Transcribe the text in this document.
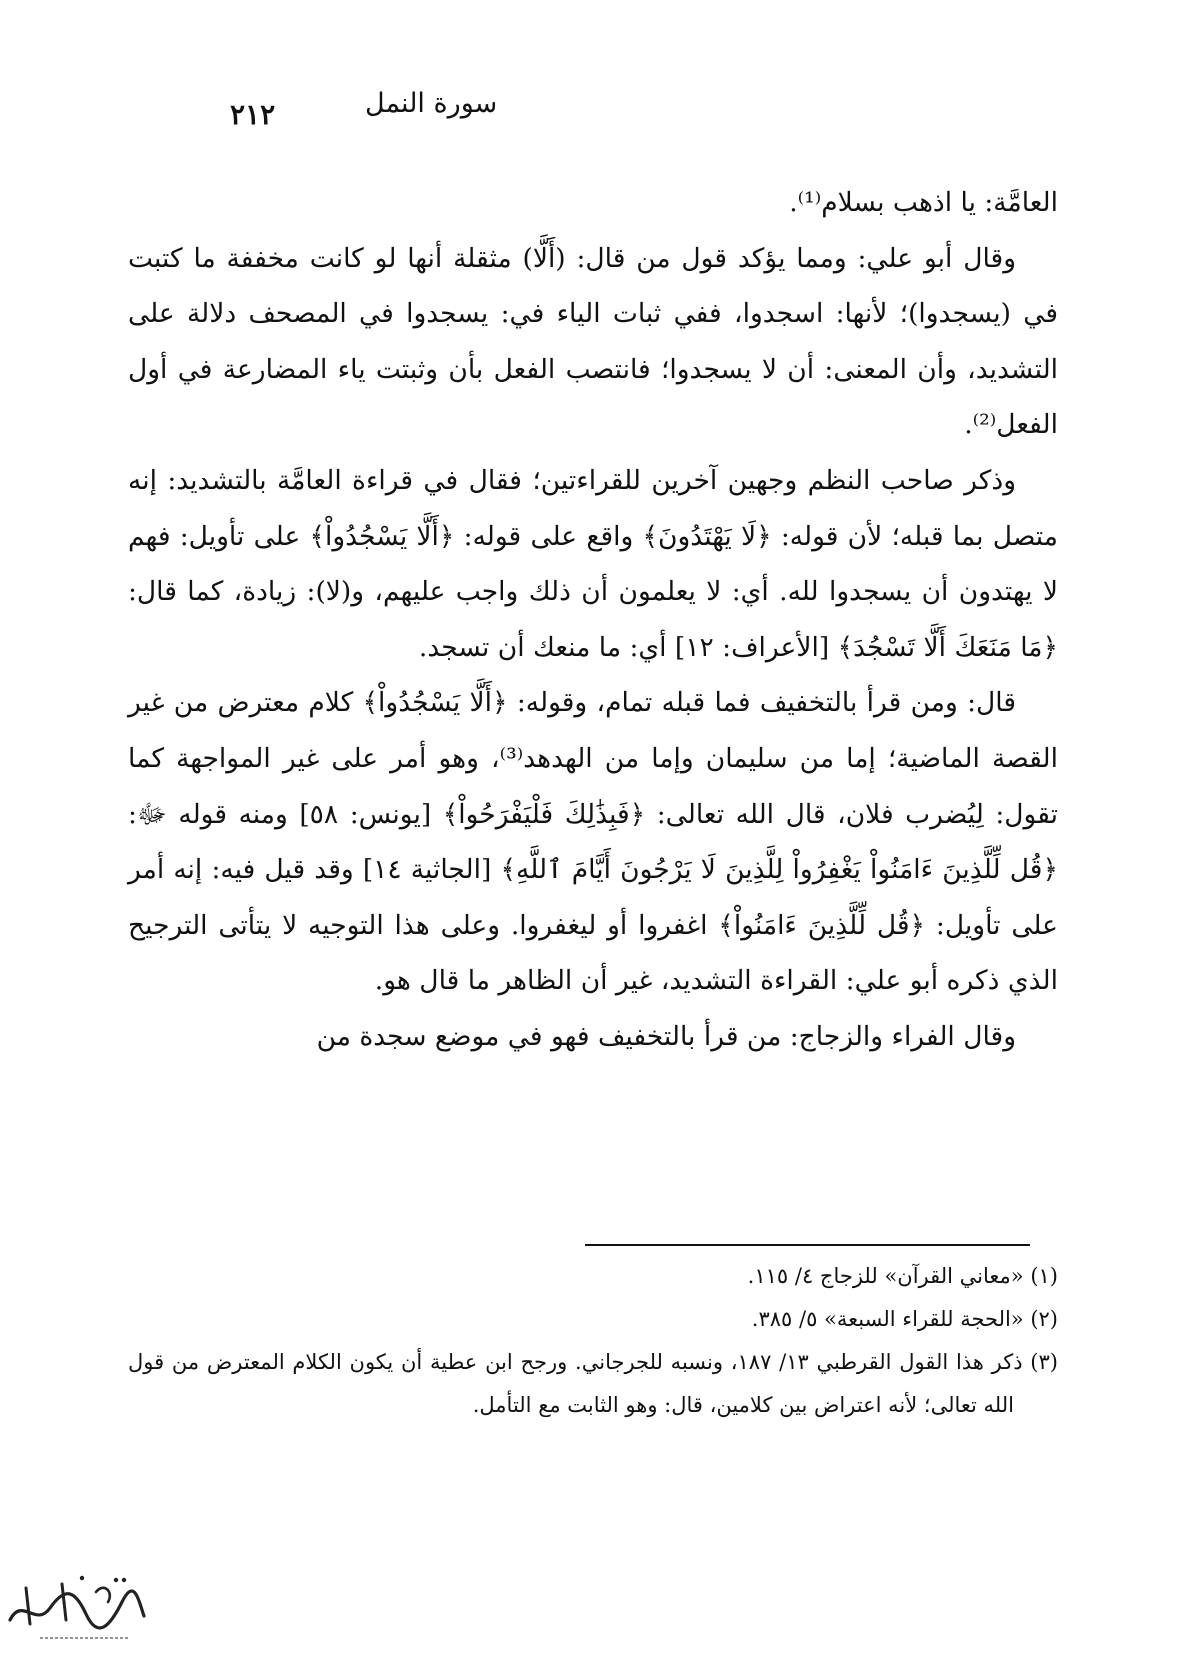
٢١٢	سورة النمل

العامَّة: يا اذهب بسلام⁽¹⁾.

وقال أبو علي: ومما يؤكد قول من قال: (أَلَّا) مثقلة أنها لو كانت مخففة ما كتبت في (يسجدوا)؛ لأنها: اسجدوا، ففي ثبات الياء في: يسجدوا في المصحف دلالة على التشديد، وأن المعنى: أن لا يسجدوا؛ فانتصب الفعل بأن وثبتت ياء المضارعة في أول الفعل⁽²⁾.

وذكر صاحب النظم وجهين آخرين للقراءتين؛ فقال في قراءة العامَّة بالتشديد: إنه متصل بما قبله؛ لأن قوله: ﴿لَا يَهْتَدُونَ﴾ واقع على قوله: ﴿أَلَّا يَسْجُدُواْ﴾ على تأويل: فهم لا يهتدون أن يسجدوا لله. أي: لا يعلمون أن ذلك واجب عليهم، و(لا): زيادة، كما قال: ﴿مَا مَنَعَكَ أَلَّا تَسْجُدَ﴾ [الأعراف: ١٢] أي: ما منعك أن تسجد.

قال: ومن قرأ بالتخفيف فما قبله تمام، وقوله: ﴿أَلَّا يَسْجُدُواْ﴾ كلام معترض من غير القصة الماضية؛ إما من سليمان وإما من الهدهد⁽³⁾، وهو أمر على غير المواجهة كما تقول: لِيُضرب فلان، قال الله تعالى: ﴿فَبِذَٰلِكَ فَلْيَفْرَحُواْ﴾ [يونس: ٥٨] ومنه قوله ﷻ: ﴿قُل لِّلَّذِينَ ءَامَنُواْ يَغْفِرُواْ لِلَّذِينَ لَا يَرْجُونَ أَيَّامَ ٱللَّهِ﴾ [الجاثية ١٤] وقد قيل فيه: إنه أمر على تأويل: ﴿قُل لِّلَّذِينَ ءَامَنُواْ﴾ اغفروا أو ليغفروا. وعلى هذا التوجيه لا يتأتى الترجيح الذي ذكره أبو علي: القراءة التشديد، غير أن الظاهر ما قال هو.

وقال الفراء والزجاج: من قرأ بالتخفيف فهو في موضع سجدة من

(١) «معاني القرآن» للزجاج ٤/ ١١٥.

(٢) «الحجة للقراء السبعة» ٥/ ٣٨٥.

(٣) ذكر هذا القول القرطبي ١٣/ ١٨٧، ونسبه للجرجاني. ورجح ابن عطية أن يكون الكلام المعترض من قول الله تعالى؛ لأنه اعتراض بين كلامين، قال: وهو الثابت مع التأمل.
